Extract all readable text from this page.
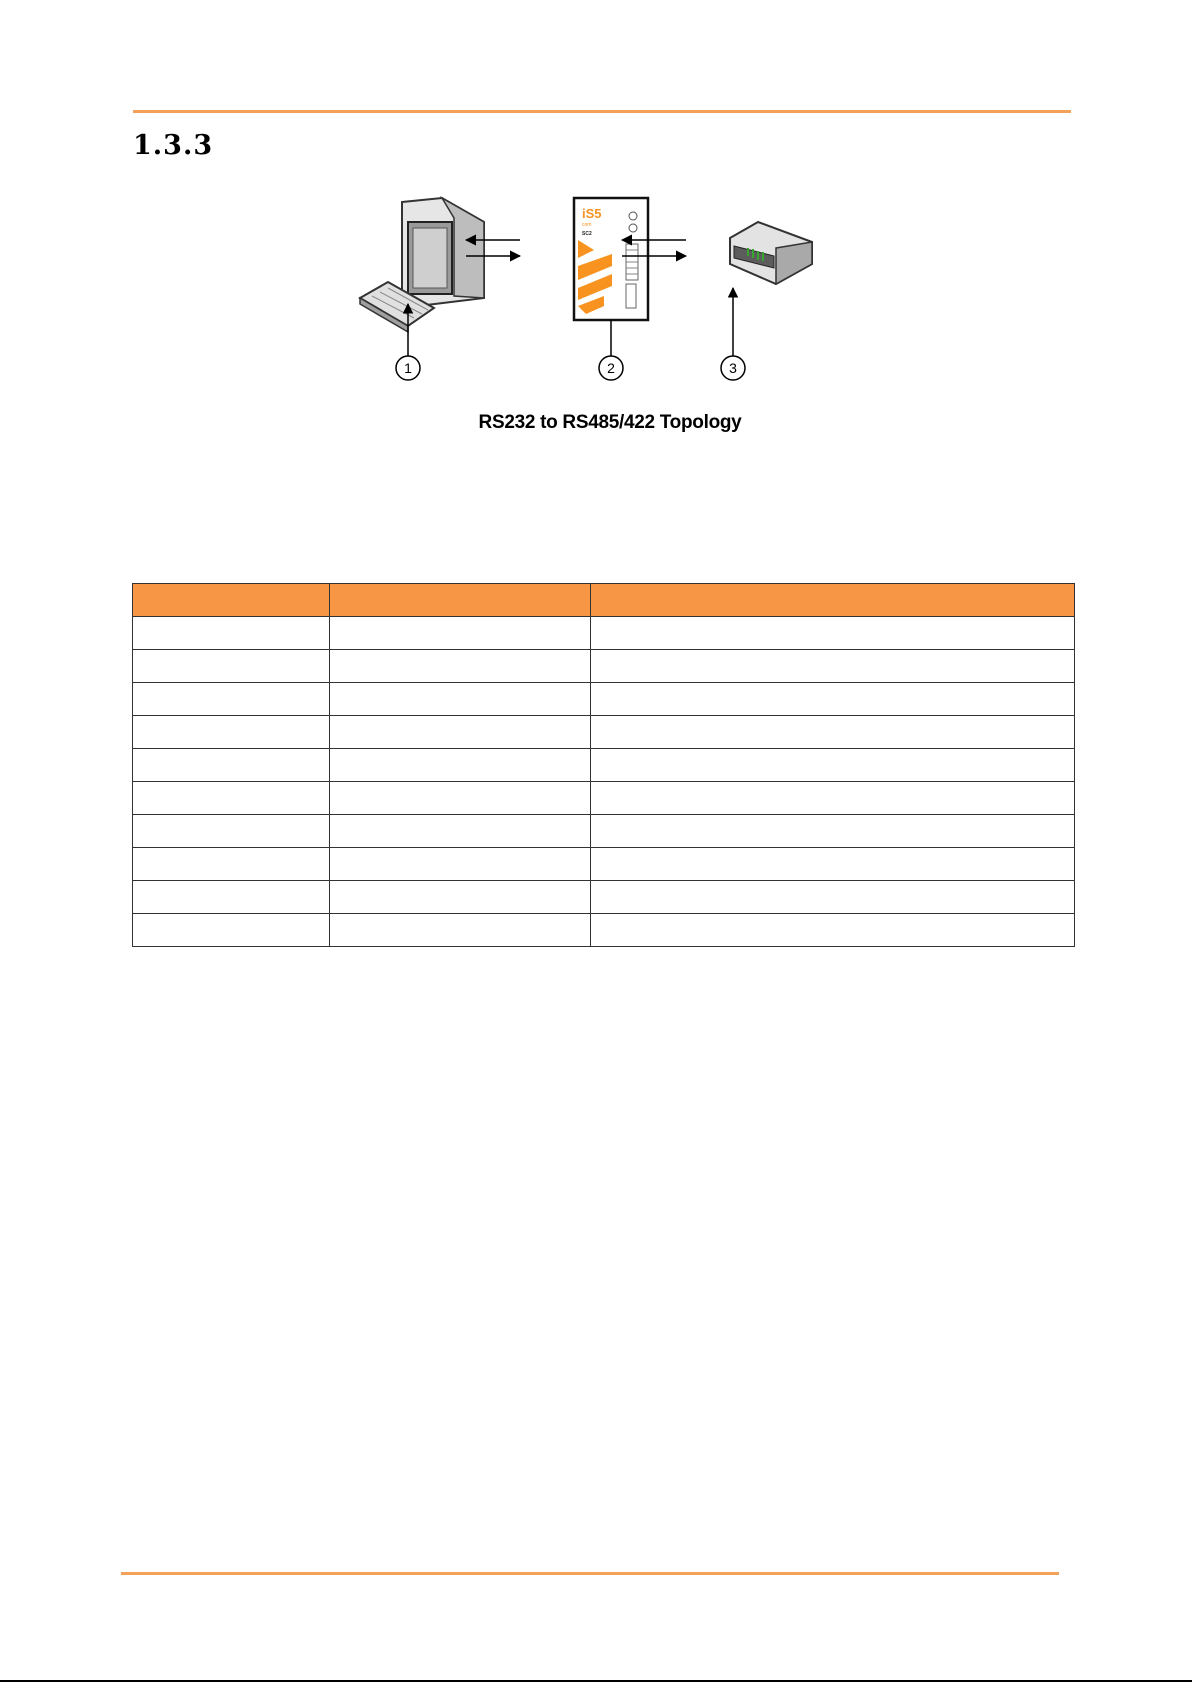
1.3.3
iS5
com
SC2
1	2	3
RS232 to RS485/422 Topology
